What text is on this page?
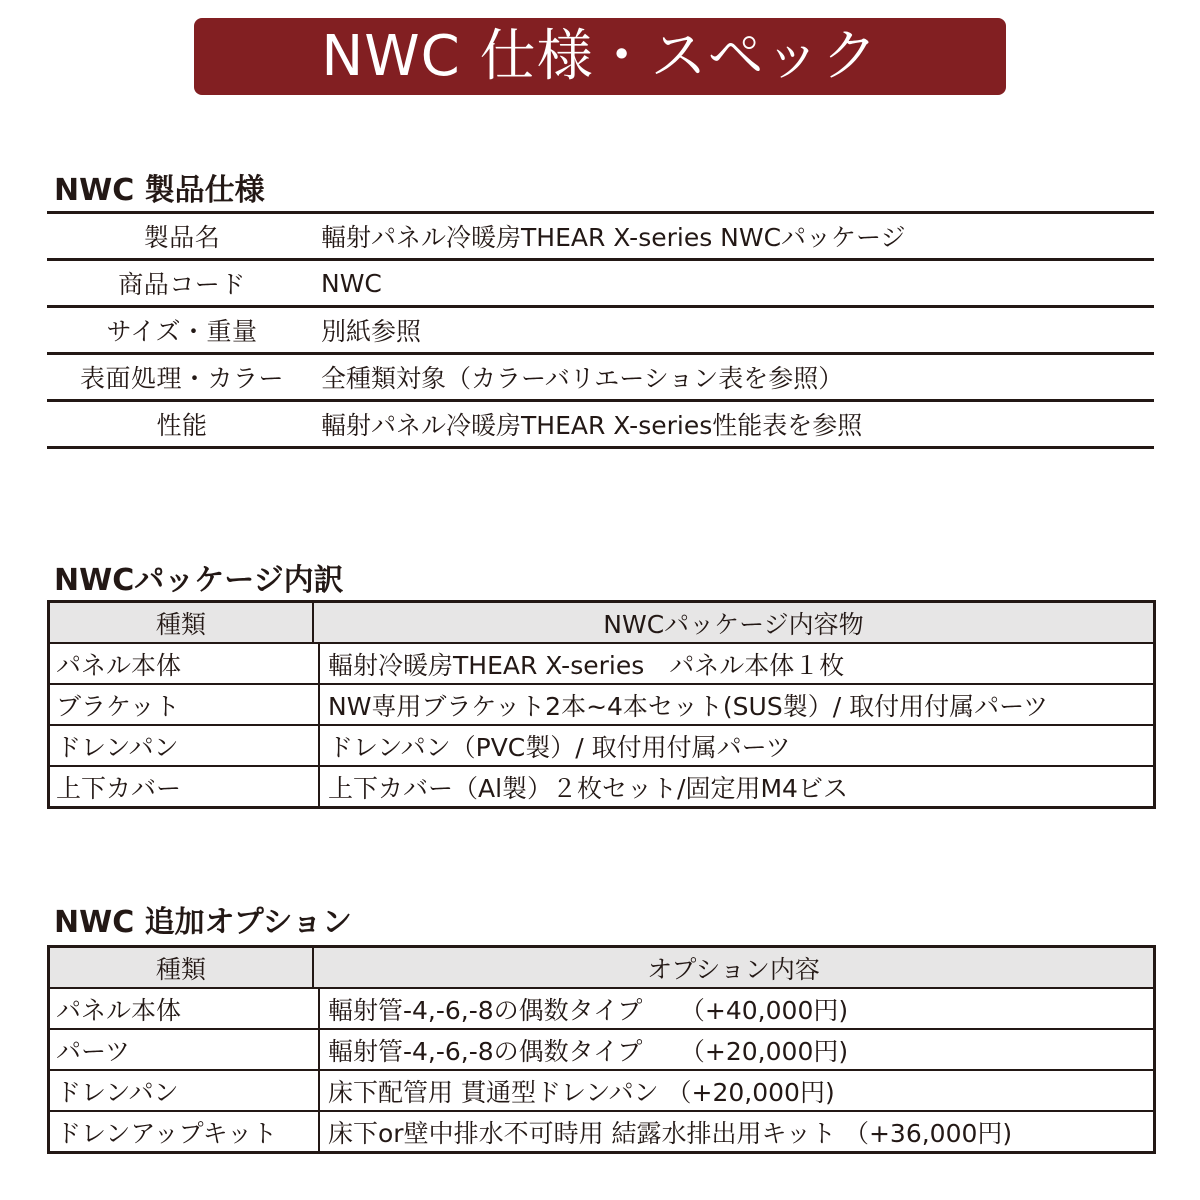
NWC 仕様・スペック
NWC 製品仕様
製品名	輻射パネル冷暖房THEAR X-series NWCパッケージ
商品コード	NWC
サイズ・重量	別紙参照
表面処理・カラー	全種類対象（カラーバリエーション表を参照）
性能	輻射パネル冷暖房THEAR X-series性能表を参照
NWCパッケージ内訳
種類	NWCパッケージ内容物
パネル本体	輻射冷暖房THEAR X-series　パネル本体１枚
ブラケット	NW専用ブラケット2本~4本セット(SUS製）/ 取付用付属パーツ
ドレンパン	ドレンパン（PVC製）/ 取付用付属パーツ
上下カバー	上下カバー（Al製）２枚セット/固定用M4ビス
NWC 追加オプション
種類	オプション内容
パネル本体	輻射管-4,-6,-8の偶数タイプ　　（+40,000円)
パーツ	輻射管-4,-6,-8の偶数タイプ　　（+20,000円)
ドレンパン	床下配管用 貫通型ドレンパン （+20,000円)
ドレンアップキット	床下or壁中排水不可時用 結露水排出用キット （+36,000円)
